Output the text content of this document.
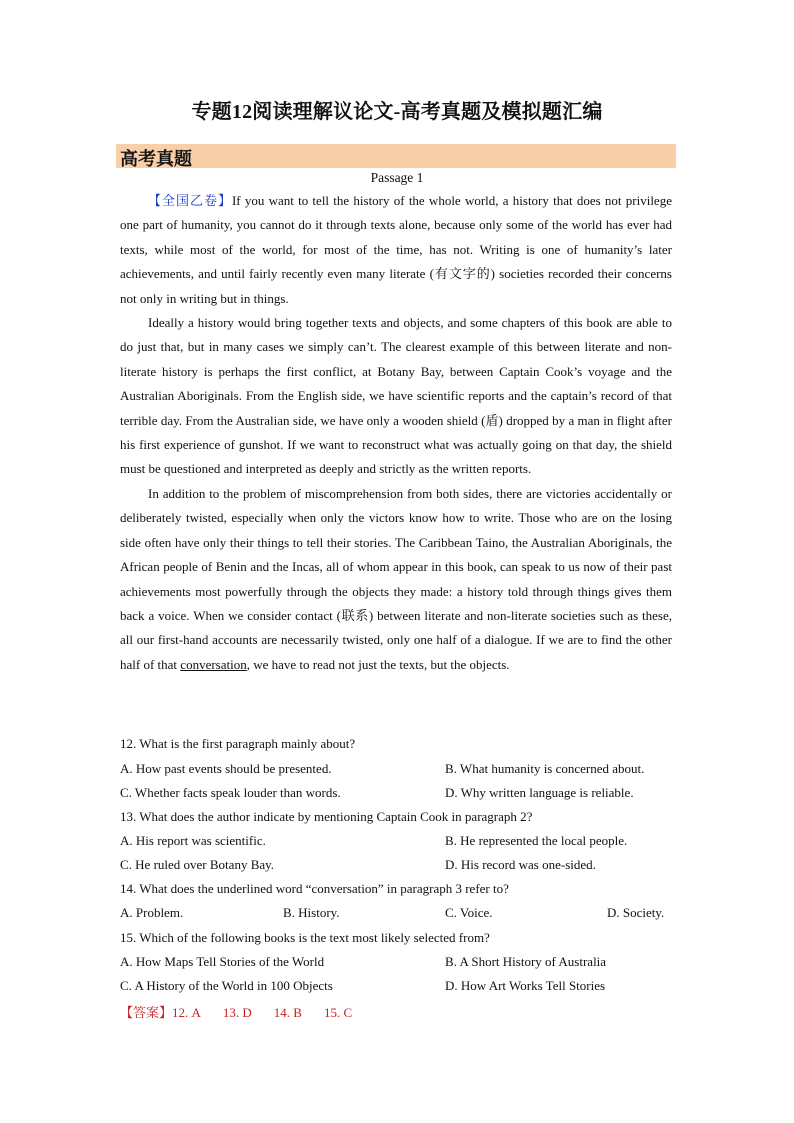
专题12阅读理解议论文-高考真题及模拟题汇编
高考真题
Passage 1

【全国乙卷】If you want to tell the history of the whole world, a history that does not privilege one part of humanity, you cannot do it through texts alone, because only some of the world has ever had texts, while most of the world, for most of the time, has not. Writing is one of humanity’s later achievements, and until fairly recently even many literate (有文字的) societies recorded their concerns not only in writing but in things.

Ideally a history would bring together texts and objects, and some chapters of this book are able to do just that, but in many cases we simply can’t. The clearest example of this between literate and non-literate history is perhaps the first conflict, at Botany Bay, between Captain Cook’s voyage and the Australian Aboriginals. From the English side, we have scientific reports and the captain’s record of that terrible day. From the Australian side, we have only a wooden shield (盾) dropped by a man in flight after his first experience of gunshot. If we want to reconstruct what was actually going on that day, the shield must be questioned and interpreted as deeply and strictly as the written reports.

In addition to the problem of miscomprehension from both sides, there are victories accidentally or deliberately twisted, especially when only the victors know how to write. Those who are on the losing side often have only their things to tell their stories. The Caribbean Taino, the Australian Aboriginals, the African people of Benin and the Incas, all of whom appear in this book, can speak to us now of their past achievements most powerfully through the objects they made: a history told through things gives them back a voice. When we consider contact (联系) between literate and non-literate societies such as these, all our first-hand accounts are necessarily twisted, only one half of a dialogue. If we are to find the other half of that conversation, we have to read not just the texts, but the objects.

12. What is the first paragraph mainly about?
A. How past events should be presented.	B. What humanity is concerned about.
C. Whether facts speak louder than words.	D. Why written language is reliable.
13. What does the author indicate by mentioning Captain Cook in paragraph 2?
A. His report was scientific.	B. He represented the local people.
C. He ruled over Botany Bay.	D. His record was one-sided.
14. What does the underlined word “conversation” in paragraph 3 refer to?
A. Problem.	B. History.	C. Voice.	D. Society.
15. Which of the following books is the text most likely selected from?
A. How Maps Tell Stories of the World	B. A Short History of Australia
C. A History of the World in 100 Objects	D. How Art Works Tell Stories
【答案】12. A 13. D 14. B 15. C
